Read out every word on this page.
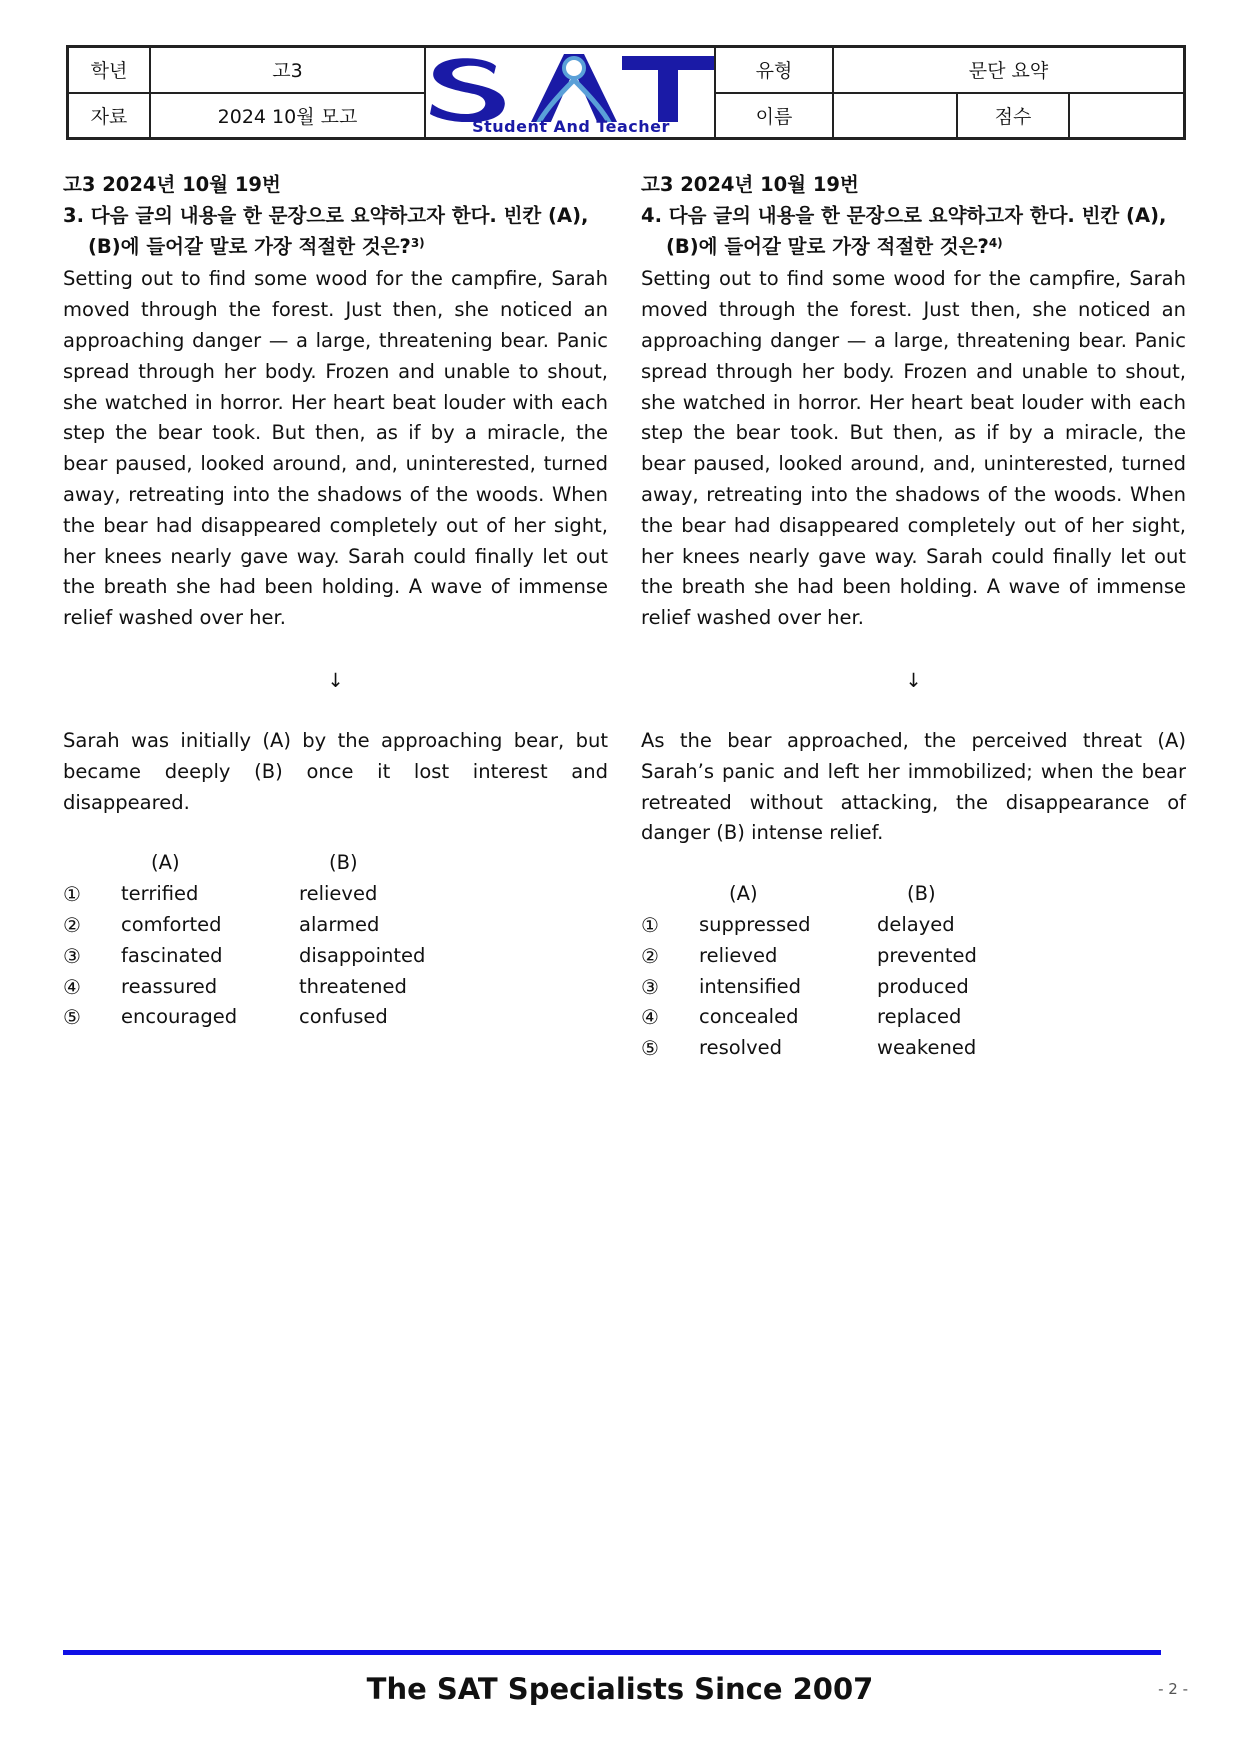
학년	고3
Student And Teacher
유형	문단 요약
자료	2024 10월 모고	이름	점수
고3 2024년 10월 19번
3. 다음 글의 내용을 한 문장으로 요약하고자 한다. 빈칸 (A),
(B)에 들어갈 말로 가장 적절한 것은?$^{3)}$
Setting out to find some wood for the campfire, Sarah moved through the forest. Just then, she noticed an approaching danger — a large, threatening bear. Panic spread through her body. Frozen and unable to shout, she watched in horror. Her heart beat louder with each step the bear took. But then, as if by a miracle, the bear paused, looked around, and, uninterested, turned away, retreating into the shadows of the woods. When the bear had disappeared completely out of her sight, her knees nearly gave way. Sarah could finally let out the breath she had been holding. A wave of immense relief washed over her.
↓
Sarah was initially (A) by the approaching bear, but became deeply (B) once it lost interest and disappeared.
(A)	(B)
①	terrified	relieved
②	comforted	alarmed
③	fascinated	disappointed
④	reassured	threatened
⑤	encouraged	confused
고3 2024년 10월 19번
4. 다음 글의 내용을 한 문장으로 요약하고자 한다. 빈칸 (A),
(B)에 들어갈 말로 가장 적절한 것은?$^{4)}$
Setting out to find some wood for the campfire, Sarah moved through the forest. Just then, she noticed an approaching danger — a large, threatening bear. Panic spread through her body. Frozen and unable to shout, she watched in horror. Her heart beat louder with each step the bear took. But then, as if by a miracle, the bear paused, looked around, and, uninterested, turned away, retreating into the shadows of the woods. When the bear had disappeared completely out of her sight, her knees nearly gave way. Sarah could finally let out the breath she had been holding. A wave of immense relief washed over her.
↓
As the bear approached, the perceived threat (A) Sarah’s panic and left her immobilized; when the bear retreated without attacking, the disappearance of danger (B) intense relief.
(A)	(B)
①	suppressed	delayed
②	relieved	prevented
③	intensified	produced
④	concealed	replaced
⑤	resolved	weakened
The SAT Specialists Since 2007	- 2 -
